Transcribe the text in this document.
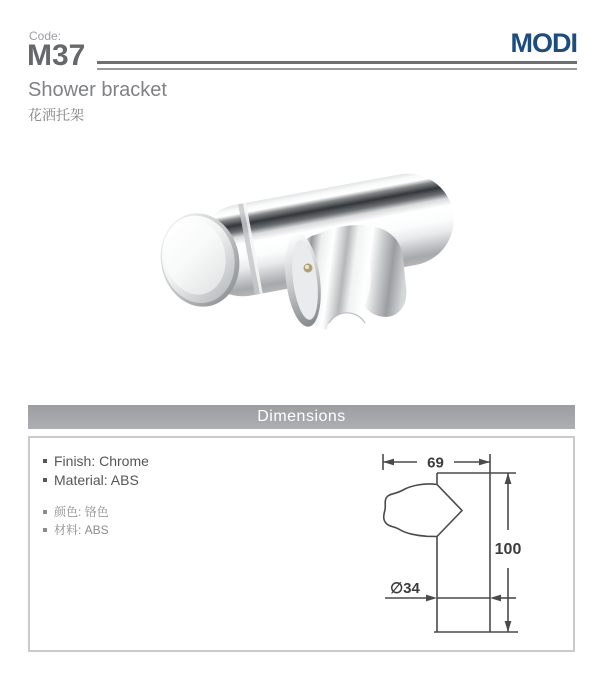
Code:
M37	MODI
Shower bracket
花洒托架
Dimensions
Finish: Chrome
Material: ABS
颜色: 铬色
材料: ABS
69
100
∅34
